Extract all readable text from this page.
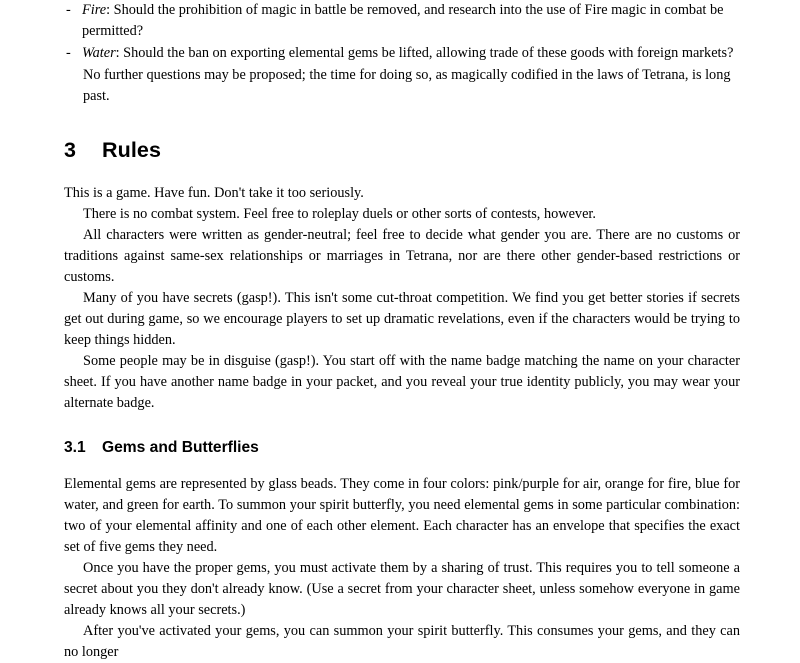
- Fire: Should the prohibition of magic in battle be removed, and research into the use of Fire magic in combat be permitted?
- Water: Should the ban on exporting elemental gems be lifted, allowing trade of these goods with foreign markets?

No further questions may be proposed; the time for doing so, as magically codified in the laws of Tetrana, is long past.

3 Rules

This is a game. Have fun. Don't take it too seriously.

There is no combat system. Feel free to roleplay duels or other sorts of contests, however.

All characters were written as gender-neutral; feel free to decide what gender you are. There are no customs or traditions against same-sex relationships or marriages in Tetrana, nor are there other gender-based restrictions or customs.

Many of you have secrets (gasp!). This isn't some cut-throat competition. We find you get better stories if secrets get out during game, so we encourage players to set up dramatic revelations, even if the characters would be trying to keep things hidden.

Some people may be in disguise (gasp!). You start off with the name badge matching the name on your character sheet. If you have another name badge in your packet, and you reveal your true identity publicly, you may wear your alternate badge.

3.1 Gems and Butterflies

Elemental gems are represented by glass beads. They come in four colors: pink/purple for air, orange for fire, blue for water, and green for earth. To summon your spirit butterfly, you need elemental gems in some particular combination: two of your elemental affinity and one of each other element. Each character has an envelope that specifies the exact set of five gems they need.

Once you have the proper gems, you must activate them by a sharing of trust. This requires you to tell someone a secret about you they don't already know. (Use a secret from your character sheet, unless somehow everyone in game already knows all your secrets.)

After you've activated your gems, you can summon your spirit butterfly. This consumes your gems, and they can no longer
